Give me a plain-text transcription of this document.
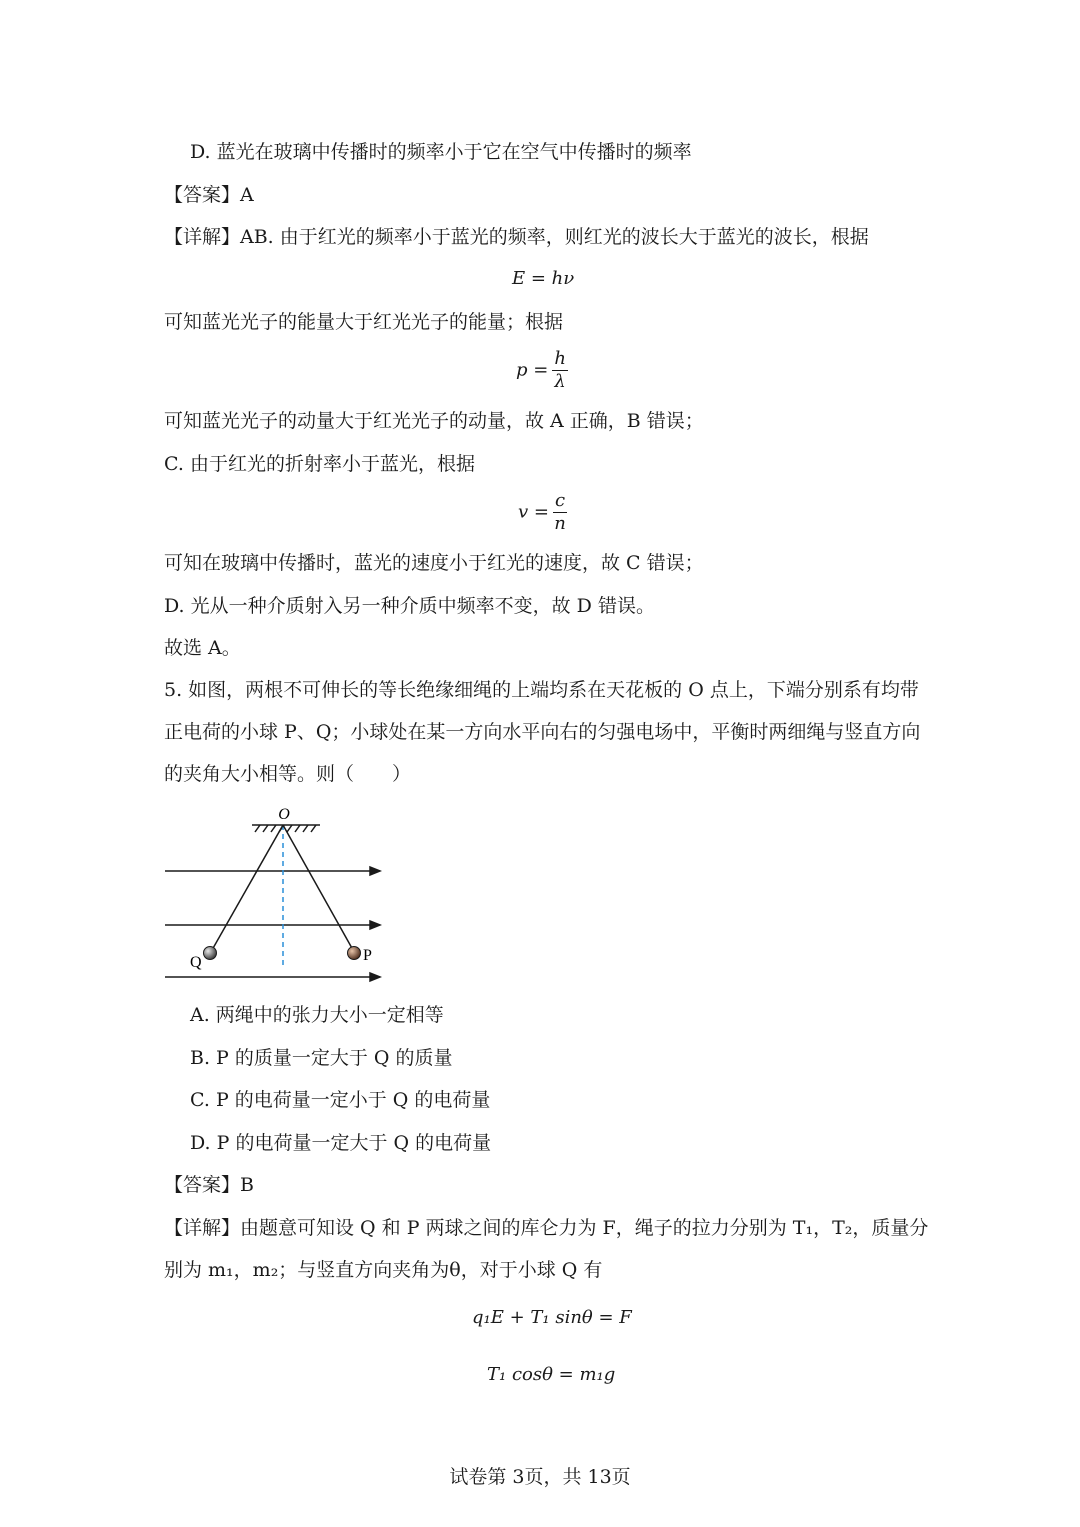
D. 蓝光在玻璃中传播时的频率小于它在空气中传播时的频率
【答案】A
【详解】AB. 由于红光的频率小于蓝光的频率，则红光的波长大于蓝光的波长，根据
E = hν
可知蓝光光子的能量大于红光光子的能量；根据
$p = \frac{h}{\lambda}$
可知蓝光光子的动量大于红光光子的动量，故 A 正确，B 错误；
C. 由于红光的折射率小于蓝光，根据
$v = \frac{c}{n}$
可知在玻璃中传播时，蓝光的速度小于红光的速度，故 C 错误；
D. 光从一种介质射入另一种介质中频率不变，故 D 错误。
故选 A。
5. 如图，两根不可伸长的等长绝缘细绳的上端均系在天花板的 O 点上，下端分别系有均带
正电荷的小球 P、Q；小球处在某一方向水平向右的匀强电场中，平衡时两细绳与竖直方向
的夹角大小相等。则（　　）
O
Q	P
A. 两绳中的张力大小一定相等
B. P 的质量一定大于 Q 的质量
C. P 的电荷量一定小于 Q 的电荷量
D. P 的电荷量一定大于 Q 的电荷量
【答案】B
【详解】由题意可知设 Q 和 P 两球之间的库仑力为 F，绳子的拉力分别为 T₁，T₂，质量分
别为 m₁，m₂；与竖直方向夹角为θ，对于小球 Q 有
q₁E + T₁ sinθ = F
T₁ cosθ = m₁g
试卷第 3页，共 13页
